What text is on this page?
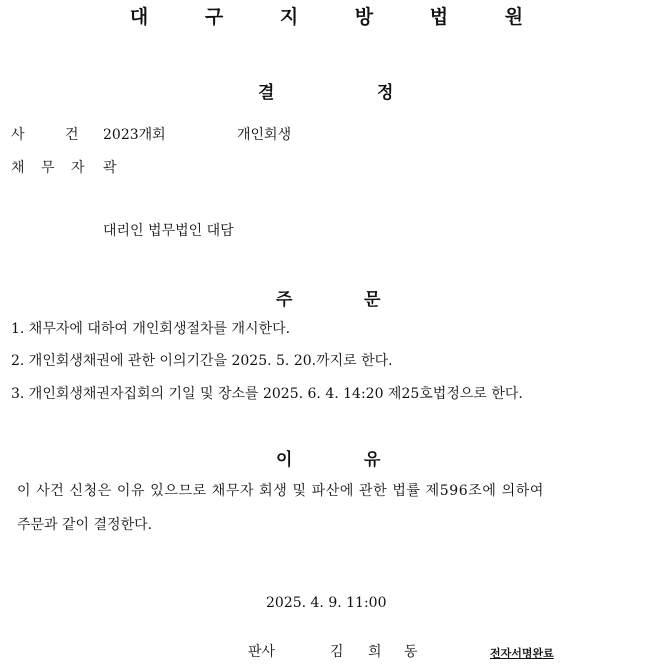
대 구 지 방 법 원
결	정
사 건 2023개회	개인회생
채 무 자 곽
대리인 법무법인 대담
주	문
1. 채무자에 대하여 개인회생절차를 개시한다.
2. 개인회생채권에 관한 이의기간을 2025. 5. 20.까지로 한다.
3. 개인회생채권자집회의 기일 및 장소를 2025. 6. 4. 14:20 제25호법정으로 한다.
이	유
이 사건 신청은 이유 있으므로 채무자 회생 및 파산에 관한 법률 제596조에 의하여
주문과 같이 결정한다.
2025. 4. 9. 11:00
판사	김 희 동	전자서명완료
